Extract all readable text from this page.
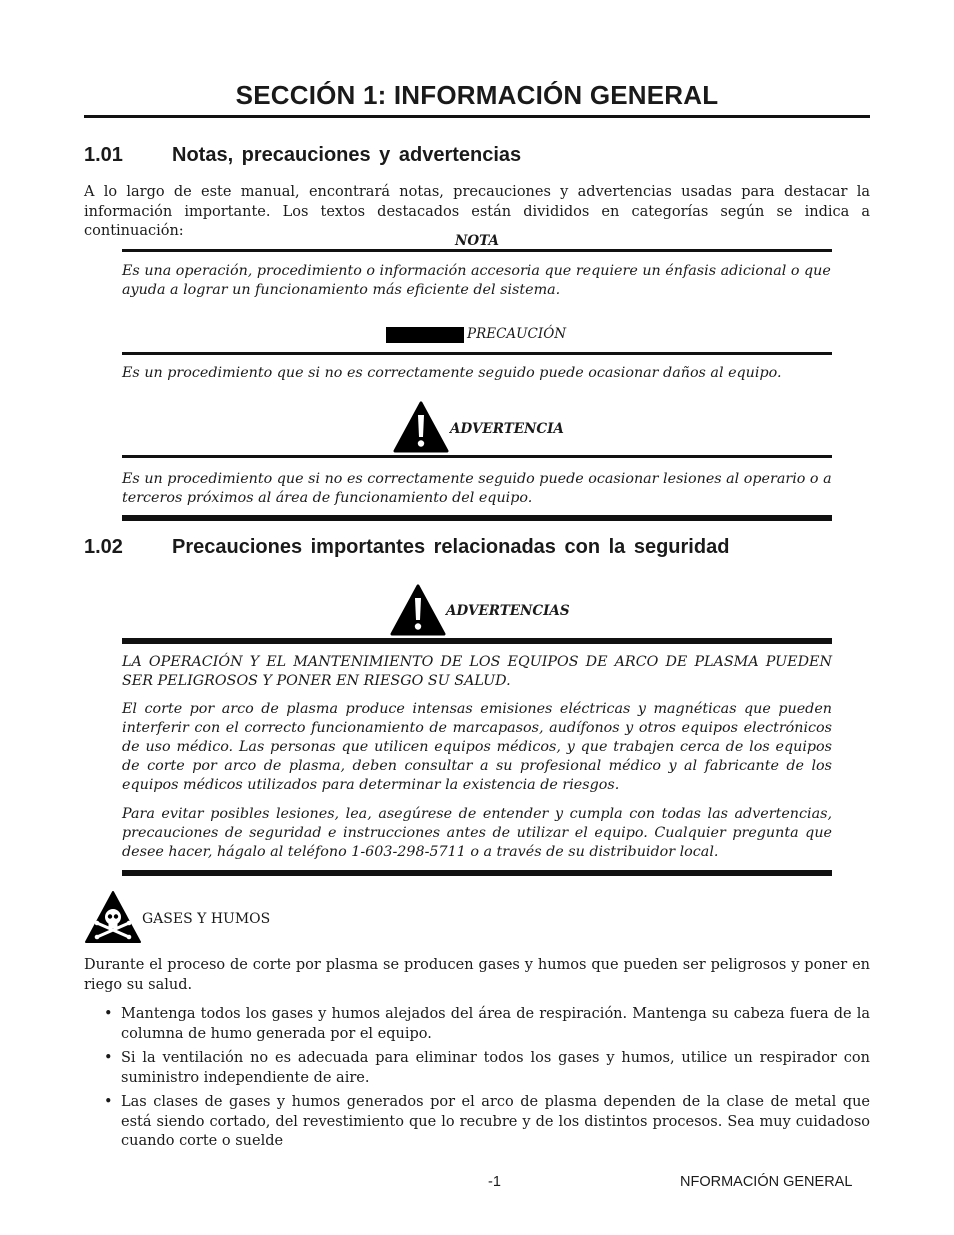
SECCIÓN 1: INFORMACIÓN GENERAL
1.01 Notas, precauciones y advertencias
A lo largo de este manual, encontrará notas, precauciones y advertencias usadas para destacar la información importante. Los textos destacados están divididos en categorías según se indica a continuación:
NOTA
Es una operación, procedimiento o información accesoria que requiere un énfasis adicional o que ayuda a lograr un funcionamiento más eficiente del sistema.
PRECAUCIÓN
Es un procedimiento que si no es correctamente seguido puede ocasionar daños al equipo.
ADVERTENCIA
Es un procedimiento que si no es correctamente seguido puede ocasionar lesiones al operario o a terceros próximos al área de funcionamiento del equipo.
1.02 Precauciones importantes relacionadas con la seguridad
ADVERTENCIAS
LA OPERACIÓN Y EL MANTENIMIENTO DE LOS EQUIPOS DE ARCO DE PLASMA PUEDEN SER PELIGROSOS Y PONER EN RIESGO SU SALUD.
El corte por arco de plasma produce intensas emisiones eléctricas y magnéticas que pueden interferir con el correcto funcionamiento de marcapasos, audífonos y otros equipos electrónicos de uso médico. Las personas que utilicen equipos médicos, y que trabajen cerca de los equipos de corte por arco de plasma, deben consultar a su profesional médico y al fabricante de los equipos médicos utilizados para determinar la existencia de riesgos.
Para evitar posibles lesiones, lea, asegúrese de entender y cumpla con todas las advertencias, precauciones de seguridad e instrucciones antes de utilizar el equipo. Cualquier pregunta que desee hacer, hágalo al teléfono 1-603-298-5711 o a través de su distribuidor local.
GASES Y HUMOS
Durante el proceso de corte por plasma se producen gases y humos que pueden ser peligrosos y poner en riego su salud.
• Mantenga todos los gases y humos alejados del área de respiración. Mantenga su cabeza fuera de la columna de humo generada por el equipo.
• Si la ventilación no es adecuada para eliminar todos los gases y humos, utilice un respirador con suministro independiente de aire.
• Las clases de gases y humos generados por el arco de plasma dependen de la clase de metal que está siendo cortado, del revestimiento que lo recubre y de los distintos procesos. Sea muy cuidadoso cuando corte o suelde
-1	NFORMACIÓN GENERAL
